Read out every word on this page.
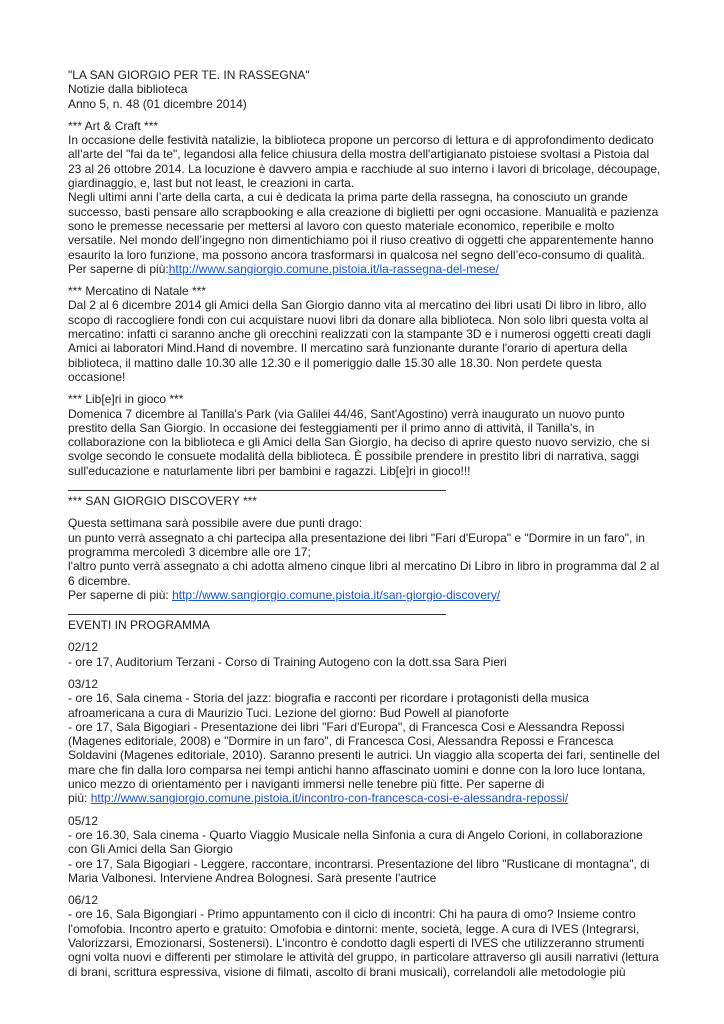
"LA SAN GIORGIO PER TE. IN RASSEGNA"
Notizie dalla biblioteca
Anno 5, n. 48 (01 dicembre 2014)
*** Art & Craft ***
In occasione delle festività natalizie, la biblioteca propone un percorso di lettura e di approfondimento dedicato
all’arte del "fai da te", legandosi alla felice chiusura della mostra dell'artigianato pistoiese svoltasi a Pistoia dal
23 al 26 ottobre 2014. La locuzione è davvero ampia e racchiude al suo interno i lavori di bricolage, découpage,
giardinaggio, e, last but not least, le creazioni in carta.
Negli ultimi anni l’arte della carta, a cui è dedicata la prima parte della rassegna, ha conosciuto un grande
successo, basti pensare allo scrapbooking e alla creazione di biglietti per ogni occasione. Manualità e pazienza
sono le premesse necessarie per mettersi al lavoro con questo materiale economico, reperibile e molto
versatile. Nel mondo dell’ingegno non dimentichiamo poi il riuso creativo di oggetti che apparentemente hanno
esaurito la loro funzione, ma possono ancora trasformarsi in qualcosa nel segno dell’eco-consumo di qualità.
Per saperne di più:http://www.sangiorgio.comune.pistoia.it/la-rassegna-del-mese/
*** Mercatino di Natale ***
Dal 2 al 6 dicembre 2014 gli Amici della San Giorgio danno vita al mercatino dei libri usati Di libro in libro, allo
scopo di raccogliere fondi con cui acquistare nuovi libri da donare alla biblioteca. Non solo libri questa volta al
mercatino: infatti ci saranno anche gli orecchini realizzati con la stampante 3D e i numerosi oggetti creati dagli
Amici ai laboratori Mind.Hand di novembre. Il mercatino sarà funzionante durante l'orario di apertura della
biblioteca, il mattino dalle 10.30 alle 12.30 e il pomeriggio dalle 15.30 alle 18.30. Non perdete questa
occasione!
*** Lib[e]ri in gioco ***
Domenica 7 dicembre al Tanilla's Park (via Galilei 44/46, Sant'Agostino) verrà inaugurato un nuovo punto
prestito della San Giorgio. In occasione dei festeggiamenti per il primo anno di attività, il Tanilla's, in
collaborazione con la biblioteca e gli Amici della San Giorgio, ha deciso di aprire questo nuovo servizio, che si
svolge secondo le consuete modalità della biblioteca. È possibile prendere in prestito libri di narrativa, saggi
sull'educazione e naturlamente libri per bambini e ragazzi. Lib[e]ri in gioco!!!
*** SAN GIORGIO DISCOVERY ***
Questa settimana sarà possibile avere due punti drago:
un punto verrà assegnato a chi partecipa alla presentazione dei libri "Fari d'Europa" e "Dormire in un faro", in
programma mercoledì 3 dicembre alle ore 17;
l'altro punto verrà assegnato a chi adotta almeno cinque libri al mercatino Di Libro in libro in programma dal 2 al
6 dicembre.
Per saperne di più: http://www.sangiorgio.comune.pistoia.it/san-giorgio-discovery/
EVENTI IN PROGRAMMA
02/12
- ore 17, Auditorium Terzani - Corso di Training Autogeno con la dott.ssa Sara Pieri
03/12
- ore 16, Sala cinema - Storia del jazz: biografia e racconti per ricordare i protagonisti della musica
afroamericana a cura di Maurizio Tuci. Lezione del giorno: Bud Powell al pianoforte
- ore 17, Sala Bigogiari - Presentazione dei libri "Fari d'Europa", di Francesca Cosi e Alessandra Repossi
(Magenes editoriale, 2008) e "Dormire in un faro", di Francesca Cosi, Alessandra Repossi e Francesca
Soldavini (Magenes editoriale, 2010). Saranno presenti le autrici. Un viaggio alla scoperta dei fari, sentinelle del
mare che fin dalla loro comparsa nei tempi antichi hanno affascinato uomini e donne con la loro luce lontana,
unico mezzo di orientamento per i naviganti immersi nelle tenebre più fitte. Per saperne di
più: http://www.sangiorgio.comune.pistoia.it/incontro-con-francesca-cosi-e-alessandra-repossi/
05/12
- ore 16.30, Sala cinema - Quarto Viaggio Musicale nella Sinfonia a cura di Angelo Corioni, in collaborazione
con Gli Amici della San Giorgio
- ore 17, Sala Bigogiari - Leggere, raccontare, incontrarsi. Presentazione del libro "Rusticane di montagna", di
Maria Valbonesi. Interviene Andrea Bolognesi. Sarà presente l'autrice
06/12
- ore 16, Sala Bigongiari - Primo appuntamento con il ciclo di incontri: Chi ha paura di omo? Insieme contro
l'omofobia. Incontro aperto e gratuito: Omofobia e dintorni: mente, società, legge. A cura di IVES (Integrarsi,
Valorizzarsi, Emozionarsi, Sostenersi). L'incontro è condotto dagli esperti di IVES che utilizzeranno strumenti
ogni volta nuovi e differenti per stimolare le attività del gruppo, in particolare attraverso gli ausili narrativi (lettura
di brani, scrittura espressiva, visione di filmati, ascolto di brani musicali), correlandoli alle metodologie più
